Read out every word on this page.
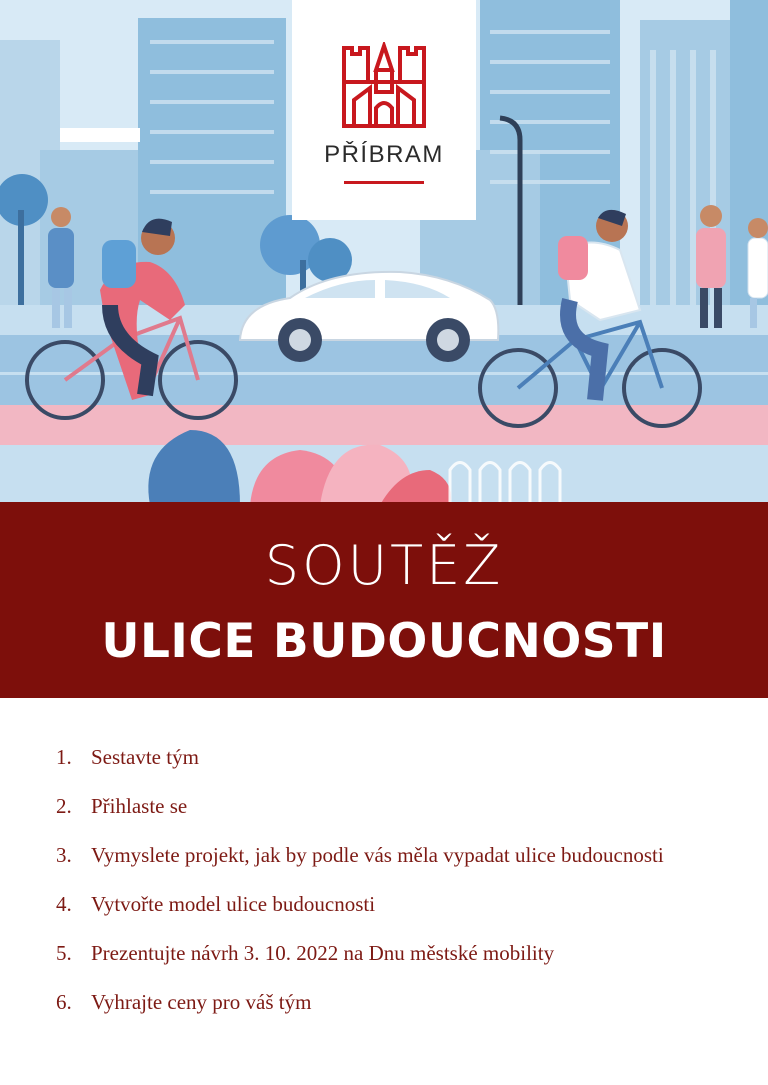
PŘÍBRAM
SOUTĚŽ
ULICE BUDOUCNOSTI
1. Sestavte tým
2. Přihlaste se
3. Vymyslete projekt, jak by podle vás měla vypadat ulice budoucnosti
4. Vytvořte model ulice budoucnosti
5. Prezentujte návrh 3. 10. 2022 na Dnu městské mobility
6. Vyhrajte ceny pro váš tým
